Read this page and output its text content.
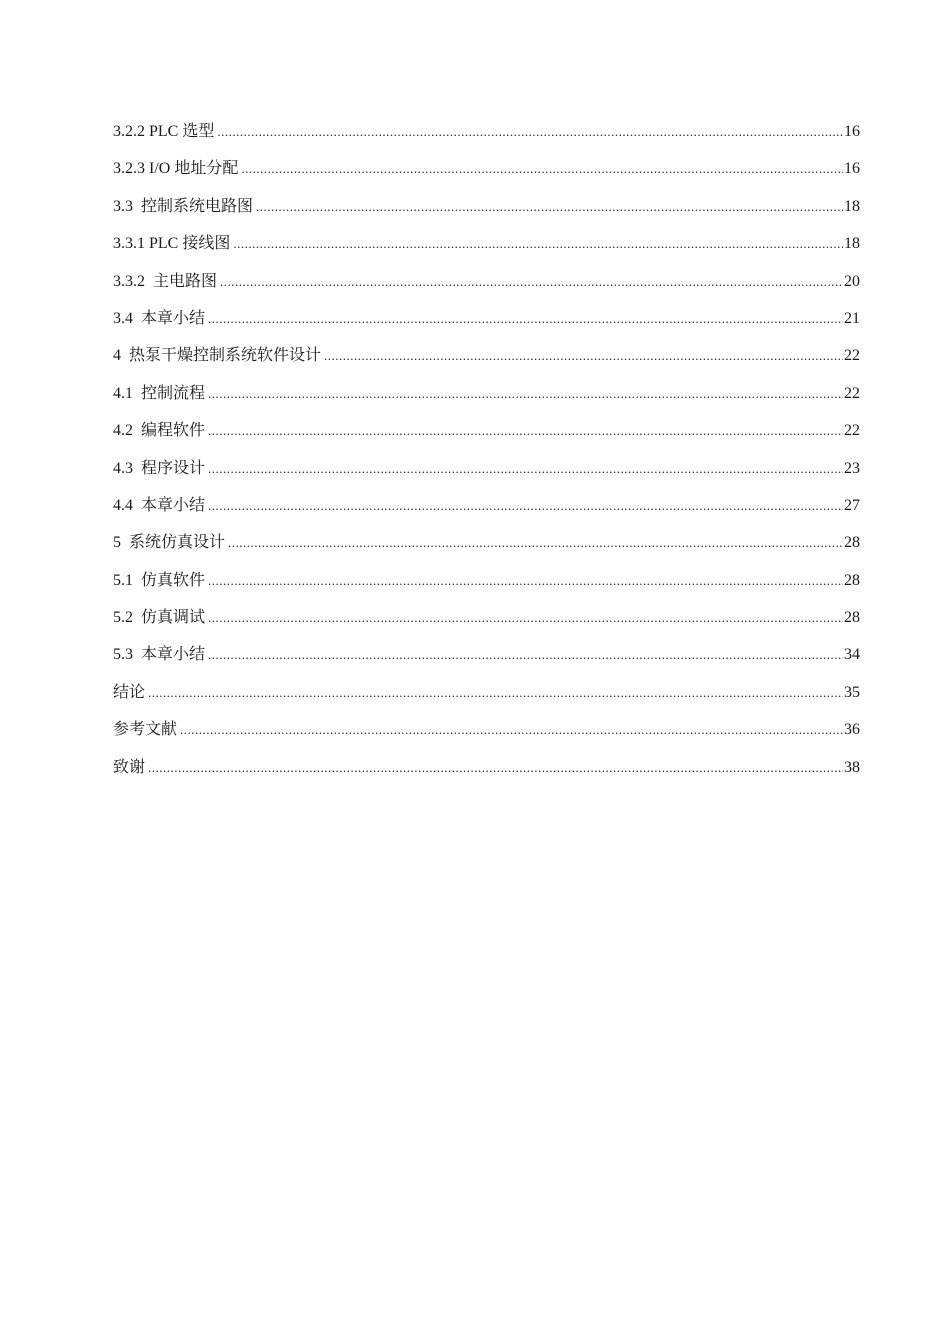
3.2.2 PLC 选型 .....	16
3.2.3 I/O 地址分配 .....	16
3.3  控制系统电路图 .....	18
3.3.1 PLC 接线图 .....	18
3.3.2  主电路图 .....	20
3.4  本章小结 .....	21
4  热泵干燥控制系统软件设计 .....	22
4.1  控制流程 .....	22
4.2  编程软件 .....	22
4.3  程序设计 .....	23
4.4  本章小结 .....	27
5  系统仿真设计 .....	28
5.1  仿真软件 .....	28
5.2  仿真调试 .....	28
5.3  本章小结 .....	34
结论 .....	35
参考文献 .....	36
致谢 .....	38
